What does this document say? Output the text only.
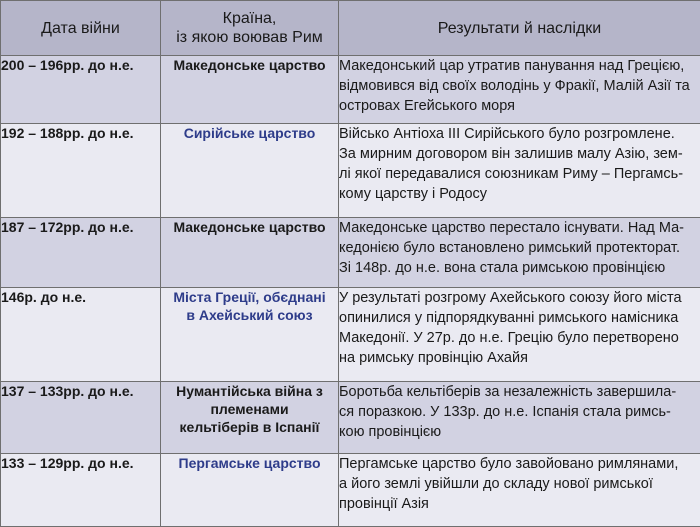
Дата війни	Країна,
із якою воював Рим	Результати й наслідки
200 – 196рр. до н.е.	Македонське царство	Македонський цар утратив панування над Грецією,
відмовився від своїх володінь у Фракії, Малій Азії та
островах Егейського моря
192 – 188рр. до н.е.	Сирійське царство	Військо Антіоха III Сирійського було розгромлене.
За мирним договором він залишив малу Азію, зем-
лі якої передавалися союзникам Риму – Пергамсь-
кому царству і Родосу
187 – 172рр. до н.е.	Македонське царство	Македонське царство перестало існувати. Над Ма-
кедонією було встановлено римський протекторат.
Зі 148р. до н.е. вона стала римською провінцією
146р. до н.е.	Міста Греції, обєднані
в Ахейський союз	У результаті розгрому Ахейського союзу його міста
опинилися у підпорядкуванні римського намісника
Македонії. У 27р. до н.е. Грецію було перетворено
на римську провінцію Ахайя
137 – 133рр. до н.е.	Нумантійська війна з
племенами
кельтіберів в Іспанії	Боротьба кельтіберів за незалежність завершила-
ся поразкою. У 133р. до н.е. Іспанія стала римсь-
кою провінцією
133 – 129рр. до н.е.	Пергамське царство	Пергамське царство було завойовано римлянами,
а його землі увійшли до складу нової римської
провінції Азія
